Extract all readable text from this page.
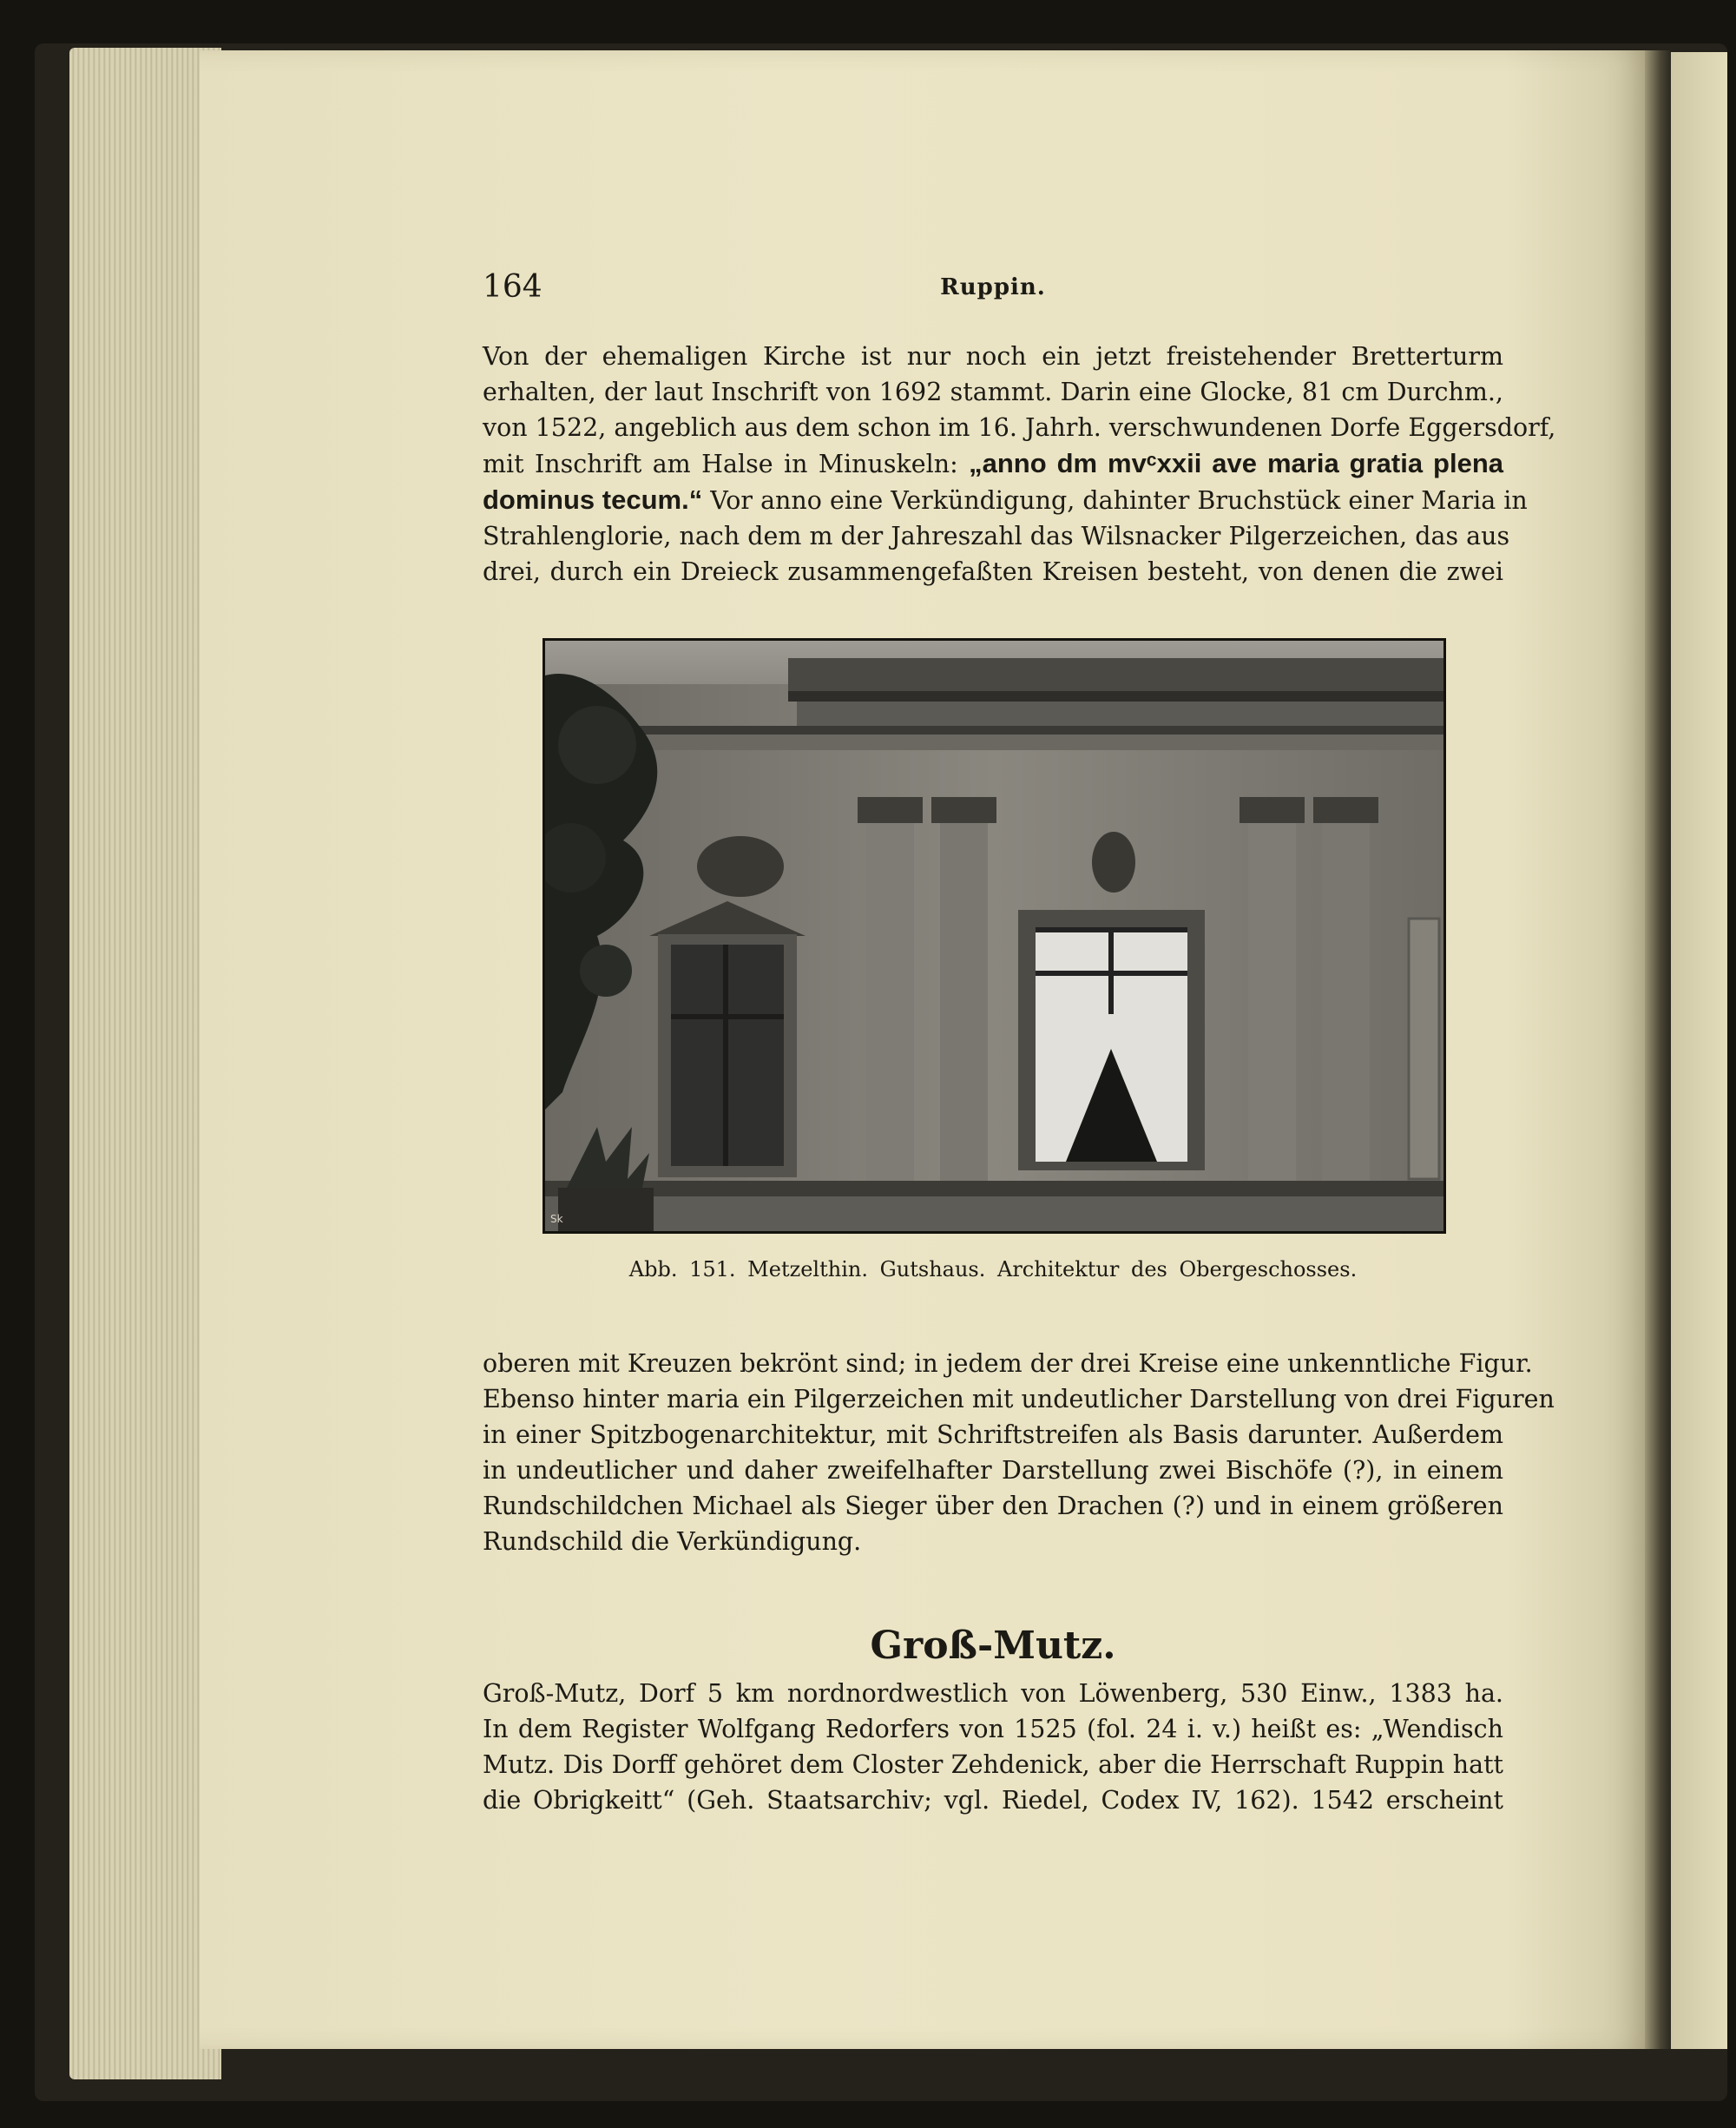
164	Ruppin.
Von der ehemaligen Kirche ist nur noch ein jetzt freistehender Bretterturm
erhalten, der laut Inschrift von 1692 stammt. Darin eine Glocke, 81 cm Durchm.,
von 1522, angeblich aus dem schon im 16. Jahrh. verschwundenen Dorfe Eggersdorf,
mit Inschrift am Halse in Minuskeln: „anno dm mvᶜxxii ave maria gratia plena
dominus tecum.“ Vor anno eine Verkündigung, dahinter Bruchstück einer Maria in
Strahlenglorie, nach dem m der Jahreszahl das Wilsnacker Pilgerzeichen, das aus
drei, durch ein Dreieck zusammengefaßten Kreisen besteht, von denen die zwei
Sk
Abb. 151. Metzelthin. Gutshaus. Architektur des Obergeschosses.
oberen mit Kreuzen bekrönt sind; in jedem der drei Kreise eine unkenntliche Figur.
Ebenso hinter maria ein Pilgerzeichen mit undeutlicher Darstellung von drei Figuren
in einer Spitzbogenarchitektur, mit Schriftstreifen als Basis darunter. Außerdem
in undeutlicher und daher zweifelhafter Darstellung zwei Bischöfe (?), in einem
Rundschildchen Michael als Sieger über den Drachen (?) und in einem größeren
Rundschild die Verkündigung.
Groß-Mutz.
Groß-Mutz, Dorf 5 km nordnordwestlich von Löwenberg, 530 Einw., 1383 ha.
In dem Register Wolfgang Redorfers von 1525 (fol. 24 i. v.) heißt es: „Wendisch
Mutz. Dis Dorff gehöret dem Closter Zehdenick, aber die Herrschaft Ruppin hatt
die Obrigkeitt“ (Geh. Staatsarchiv; vgl. Riedel, Codex IV, 162). 1542 erscheint
